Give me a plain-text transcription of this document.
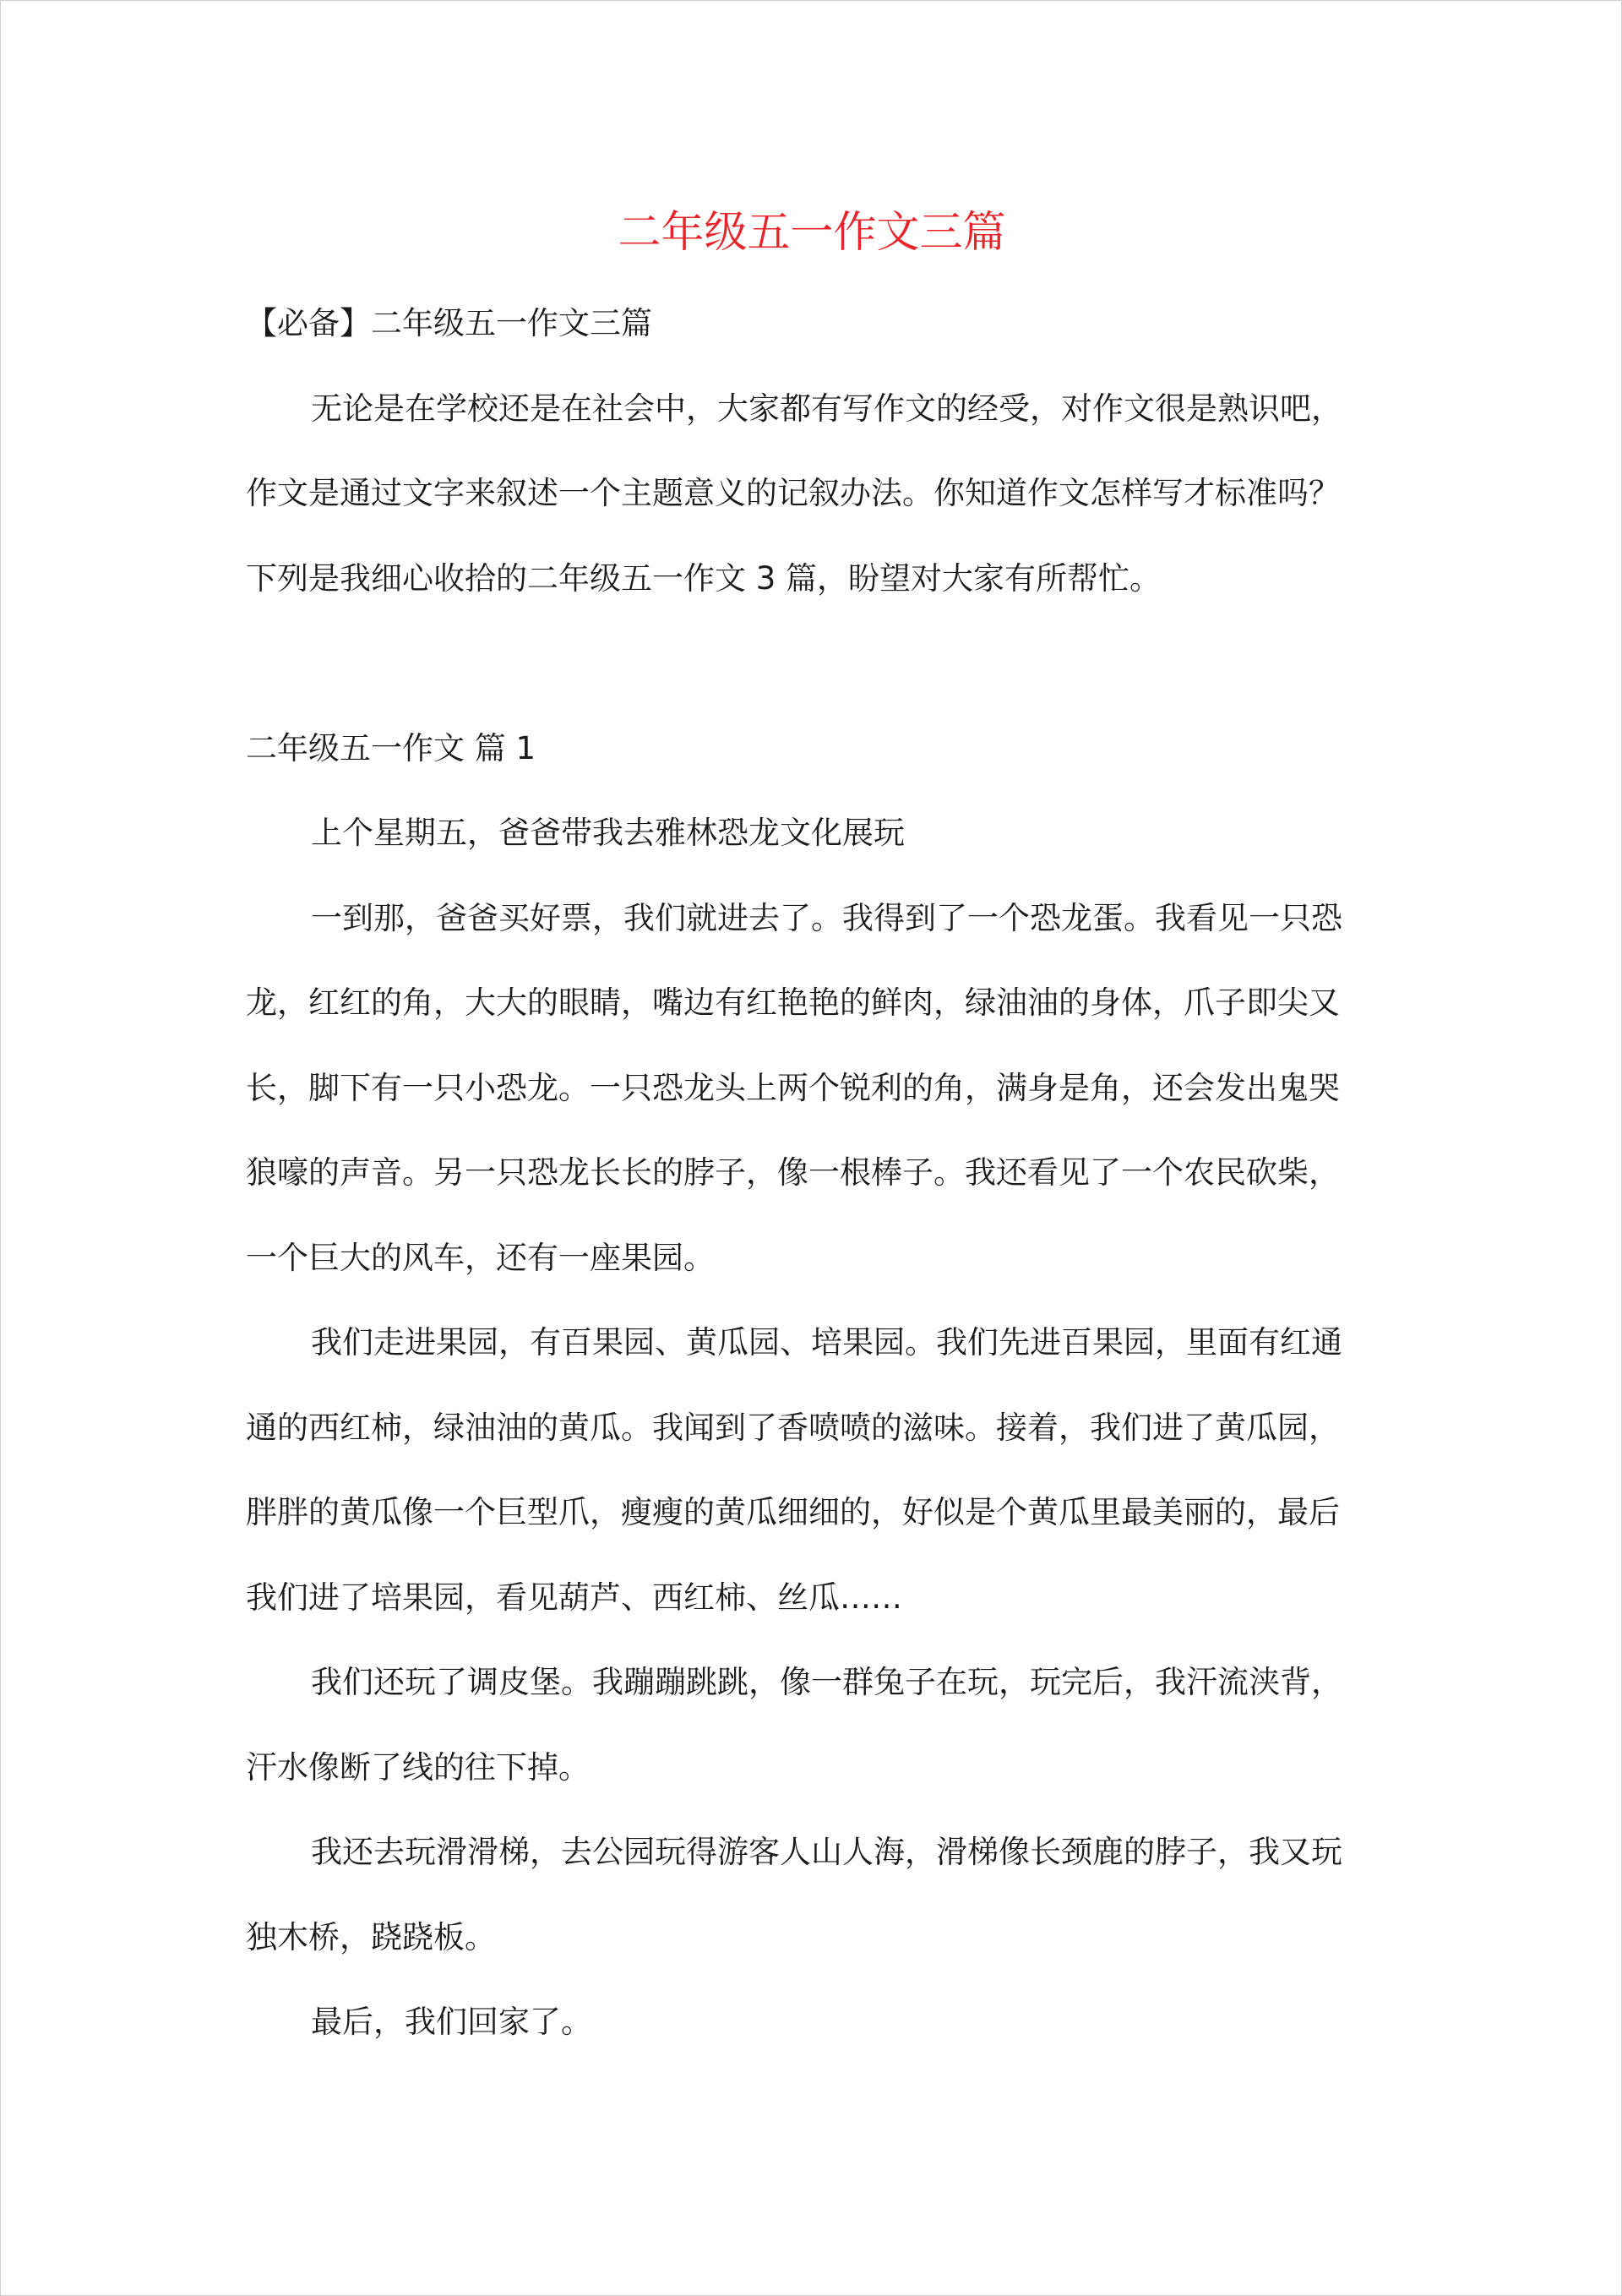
二年级五一作文三篇

【必备】二年级五一作文三篇

无论是在学校还是在社会中，大家都有写作文的经受，对作文很是熟识吧，

作文是通过文字来叙述一个主题意义的记叙办法。你知道作文怎样写才标准吗？

下列是我细心收拾的二年级五一作文 3 篇，盼望对大家有所帮忙。

二年级五一作文 篇 1

上个星期五，爸爸带我去雅林恐龙文化展玩

一到那，爸爸买好票，我们就进去了。我得到了一个恐龙蛋。我看见一只恐

龙，红红的角，大大的眼睛，嘴边有红艳艳的鲜肉，绿油油的身体，爪子即尖又

长，脚下有一只小恐龙。一只恐龙头上两个锐利的角，满身是角，还会发出鬼哭

狼嚎的声音。另一只恐龙长长的脖子，像一根棒子。我还看见了一个农民砍柴，

一个巨大的风车，还有一座果园。

我们走进果园，有百果园、黄瓜园、培果园。我们先进百果园，里面有红通

通的西红柿，绿油油的黄瓜。我闻到了香喷喷的滋味。接着，我们进了黄瓜园，

胖胖的黄瓜像一个巨型爪，瘦瘦的黄瓜细细的，好似是个黄瓜里最美丽的，最后

我们进了培果园，看见葫芦、西红柿、丝瓜……

我们还玩了调皮堡。我蹦蹦跳跳，像一群兔子在玩，玩完后，我汗流浃背，

汗水像断了线的往下掉。

我还去玩滑滑梯，去公园玩得游客人山人海，滑梯像长颈鹿的脖子，我又玩

独木桥，跷跷板。

最后，我们回家了。
